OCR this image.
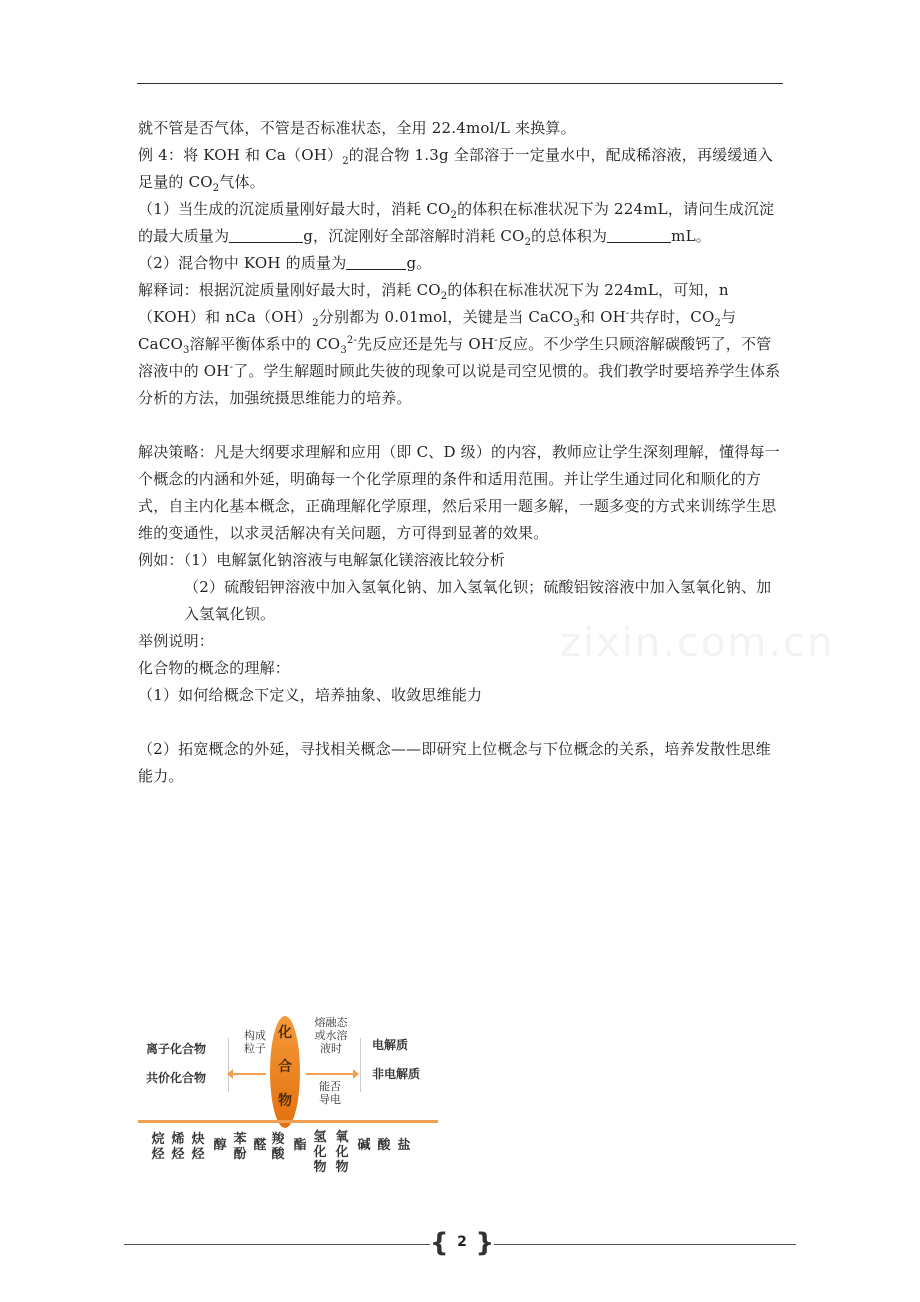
就不管是否气体，不管是否标准状态，全用 22.4mol/L 来换算。

例 4：将 KOH 和 $Ca(OH)_2$的混合物 1.3g 全部溶于一定量水中，配成稀溶液，再缓缓通入足量的 $CO_2$气体。

（1）当生成的沉淀质量刚好最大时，消耗 $CO_2$的体积在标准状况下为 224mL，请问生成沉淀的最大质量为	g，沉淀刚好全部溶解时消耗 $CO_2$的总体积为	mL。

（2）混合物中 KOH 的质量为	g。

解释词：根据沉淀质量刚好最大时，消耗 $CO_2$的体积在标准状况下为 224mL，可知，n（KOH）和 $nCa(OH)_2$分别都为 0.01mol，关键是当 CaCO$_3$和 OH-共存时，$CO_2$与 CaCO$_3$溶解平衡体系中的 $CO_3^{2-}$先反应还是先与 OH-反应。不少学生只顾溶解碳酸钙了，不管溶液中的 OH-了。学生解题时顾此失彼的现象可以说是司空见惯的。我们教学时要培养学生体系分析的方法，加强统摄思维能力的培养。

解决策略：凡是大纲要求理解和应用（即 C、D 级）的内容，教师应让学生深刻理解，懂得每一个概念的内涵和外延，明确每一个化学原理的条件和适用范围。并让学生通过同化和顺化的方式，自主内化基本概念，正确理解化学原理，然后采用一题多解，一题多变的方式来训练学生思维的变通性，以求灵活解决有关问题，方可得到显著的效果。

例如：（1）电解氯化钠溶液与电解氯化镁溶液比较分析

（2）硫酸铝钾溶液中加入氢氧化钠、加入氢氧化钡；硫酸铝铵溶液中加入氢氧化钠、加入氢氧化钡。

举例说明：

化合物的概念的理解：

（1）如何给概念下定义，培养抽象、收敛思维能力

（2）拓宽概念的外延，寻找相关概念——即研究上位概念与下位概念的关系，培养发散性思维能力。

离子化合物
共价化合物
构成
粒子
化
合
物
熔融态
或水溶
液时
能否
导电
电解质
非电解质
烷
烃
烯
烃
炔
烃
醇 苯
酚
醛 羧
酸
酯
氢
化
物
氧
化
物
碱 酸 盐
zixin.com.cn
{ 2 }
